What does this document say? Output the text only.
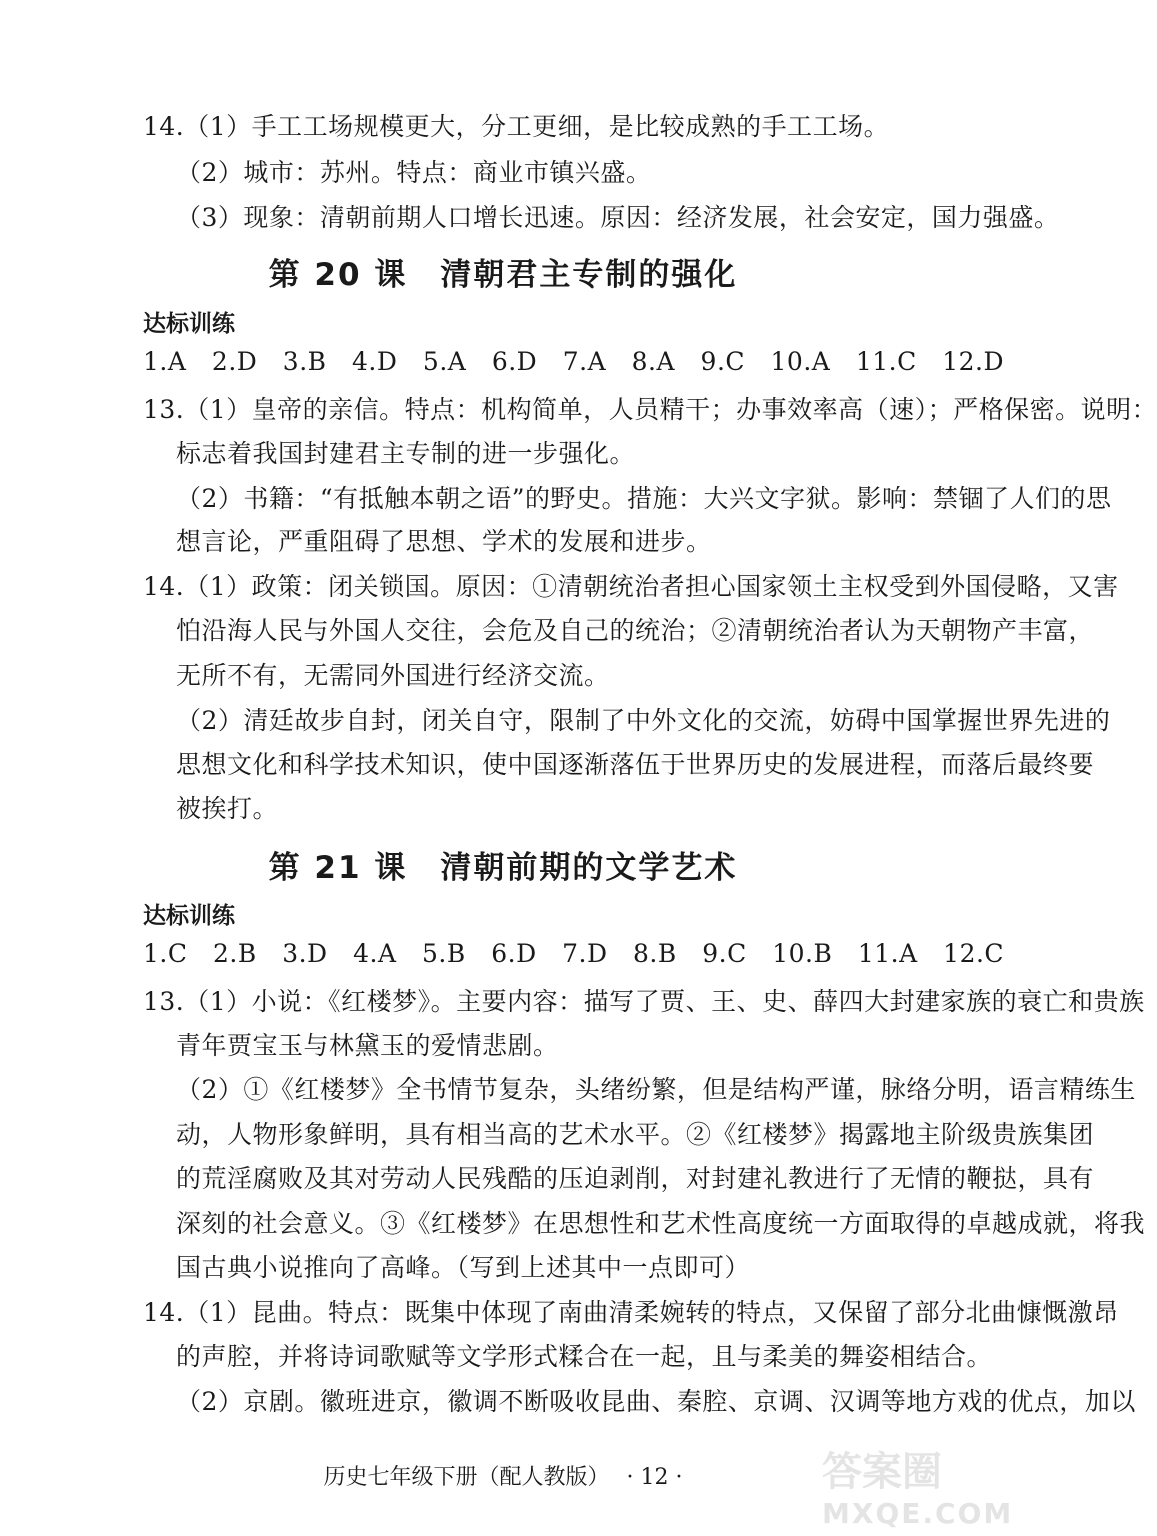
14.（1）手工工场规模更大，分工更细，是比较成熟的手工工场。
（2）城市：苏州。特点：商业市镇兴盛。
（3）现象：清朝前期人口增长迅速。原因：经济发展，社会安定，国力强盛。
第 20 课　清朝君主专制的强化
达标训练
1.A　2.D　3.B　4.D　5.A　6.D　7.A　8.A　9.C　10.A　11.C　12.D
13.（1）皇帝的亲信。特点：机构简单，人员精干；办事效率高（速）；严格保密。说明：
标志着我国封建君主专制的进一步强化。
（2）书籍：“有抵触本朝之语”的野史。措施：大兴文字狱。影响：禁锢了人们的思
想言论，严重阻碍了思想、学术的发展和进步。
14.（1）政策：闭关锁国。原因：①清朝统治者担心国家领土主权受到外国侵略，又害
怕沿海人民与外国人交往，会危及自己的统治；②清朝统治者认为天朝物产丰富，
无所不有，无需同外国进行经济交流。
（2）清廷故步自封，闭关自守，限制了中外文化的交流，妨碍中国掌握世界先进的
思想文化和科学技术知识，使中国逐渐落伍于世界历史的发展进程，而落后最终要
被挨打。
第 21 课　清朝前期的文学艺术
达标训练
1.C　2.B　3.D　4.A　5.B　6.D　7.D　8.B　9.C　10.B　11.A　12.C
13.（1）小说：《红楼梦》。主要内容：描写了贾、王、史、薛四大封建家族的衰亡和贵族
青年贾宝玉与林黛玉的爱情悲剧。
（2）①《红楼梦》全书情节复杂，头绪纷繁，但是结构严谨，脉络分明，语言精练生
动，人物形象鲜明，具有相当高的艺术水平。②《红楼梦》揭露地主阶级贵族集团
的荒淫腐败及其对劳动人民残酷的压迫剥削，对封建礼教进行了无情的鞭挞，具有
深刻的社会意义。③《红楼梦》在思想性和艺术性高度统一方面取得的卓越成就，将我
国古典小说推向了高峰。（写到上述其中一点即可）
14.（1）昆曲。特点：既集中体现了南曲清柔婉转的特点，又保留了部分北曲慷慨激昂
的声腔，并将诗词歌赋等文学形式糅合在一起，且与柔美的舞姿相结合。
（2）京剧。徽班进京，徽调不断吸收昆曲、秦腔、京调、汉调等地方戏的优点，加以
历史七年级下册（配人教版） · 12 ·	答案圈
MXQE.COM
